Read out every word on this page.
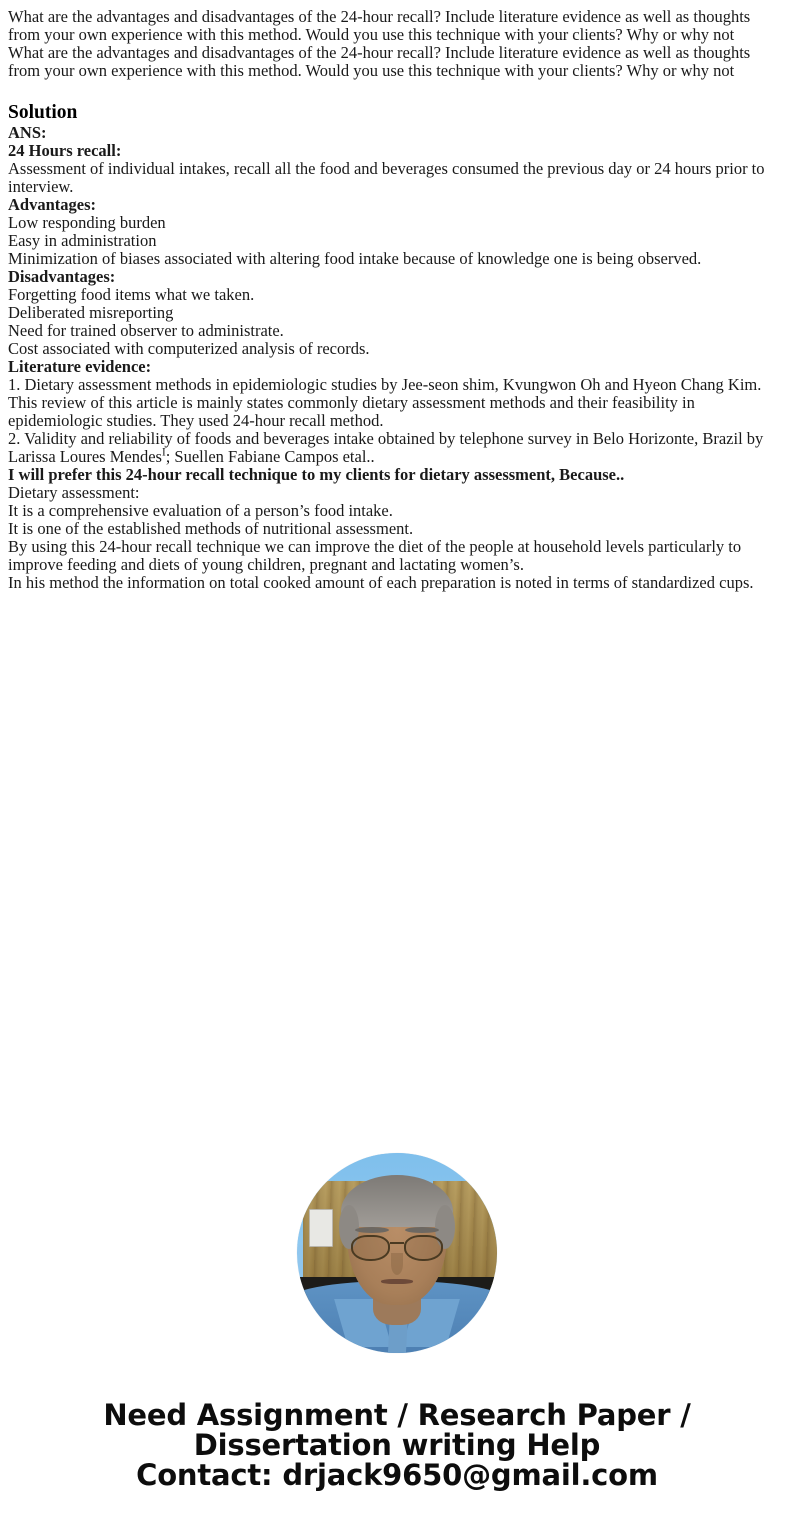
What are the advantages and disadvantages of the 24-hour recall? Include literature evidence as well as thoughts from your own experience with this method. Would you use this technique with your clients? Why or why not

What are the advantages and disadvantages of the 24-hour recall? Include literature evidence as well as thoughts from your own experience with this method. Would you use this technique with your clients? Why or why not

Solution

ANS:

24 Hours recall:

Assessment of individual intakes, recall all the food and beverages consumed the previous day or 24 hours prior to interview.

Advantages:

Low responding burden

Easy in administration

Minimization of biases associated with altering food intake because of knowledge one is being observed.

Disadvantages:

Forgetting food items what we taken.

Deliberated misreporting

Need for trained observer to administrate.

Cost associated with computerized analysis of records.

Literature evidence:

1. Dietary assessment methods in epidemiologic studies by Jee-seon shim, Kvungwon Oh and Hyeon Chang Kim.

This review of this article is mainly states commonly dietary assessment methods and their feasibility in epidemiologic studies. They used 24-hour recall method.

2. Validity and reliability of foods and beverages intake obtained by telephone survey in Belo Horizonte, Brazil by Larissa Loures Mendes$^I$; Suellen Fabiane Campos etal..

I will prefer this 24-hour recall technique to my clients for dietary assessment, Because..

Dietary assessment:

It is a comprehensive evaluation of a person’s food intake.

It is one of the established methods of nutritional assessment.

By using this 24-hour recall technique we can improve the diet of the people at household levels particularly to improve feeding and diets of young children, pregnant and lactating women’s.

In his method the information on total cooked amount of each preparation is noted in terms of standardized cups.

Need Assignment / Research Paper / Dissertation writing Help
Contact: drjack9650@gmail.com
